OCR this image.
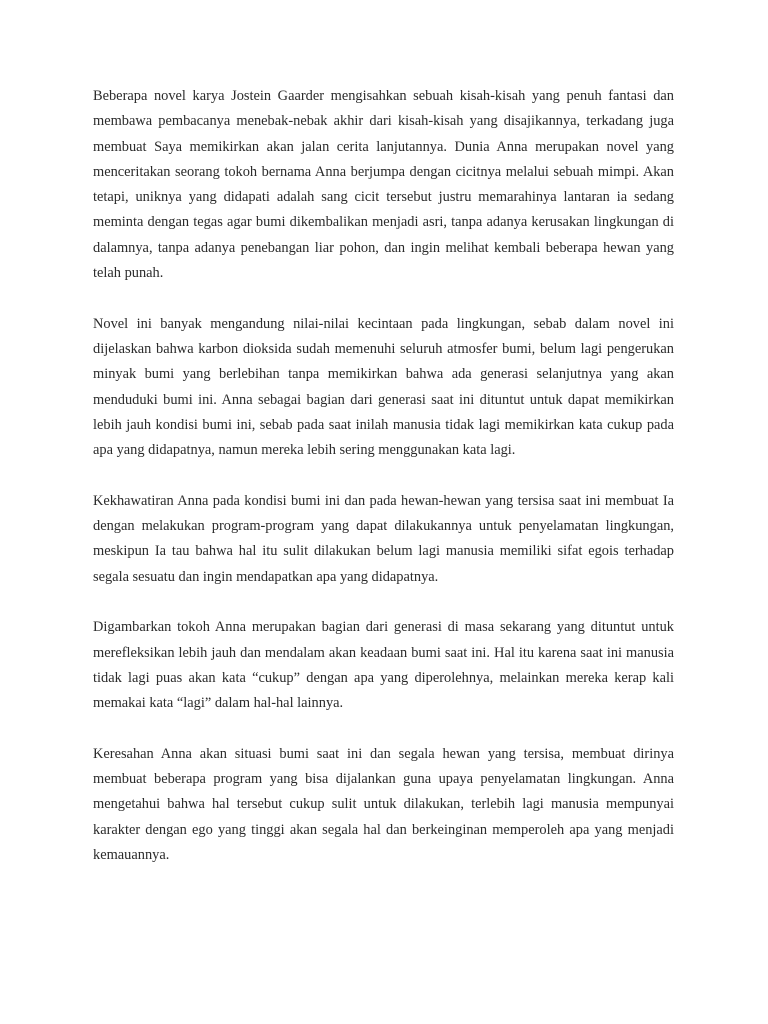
Beberapa novel karya Jostein Gaarder mengisahkan sebuah kisah-kisah yang penuh fantasi dan membawa pembacanya menebak-nebak akhir dari kisah-kisah yang disajikannya, terkadang juga membuat Saya memikirkan akan jalan cerita lanjutannya. Dunia Anna merupakan novel yang menceritakan seorang tokoh bernama Anna berjumpa dengan cicitnya melalui sebuah mimpi. Akan tetapi, uniknya yang didapati adalah sang cicit tersebut justru memarahinya lantaran ia sedang meminta dengan tegas agar bumi dikembalikan menjadi asri, tanpa adanya kerusakan lingkungan di dalamnya, tanpa adanya penebangan liar pohon, dan ingin melihat kembali beberapa hewan yang telah punah.

Novel ini banyak mengandung nilai-nilai kecintaan pada lingkungan, sebab dalam novel ini dijelaskan bahwa karbon dioksida sudah memenuhi seluruh atmosfer bumi, belum lagi pengerukan minyak bumi yang berlebihan tanpa memikirkan bahwa ada generasi selanjutnya yang akan menduduki bumi ini. Anna sebagai bagian dari generasi saat ini dituntut untuk dapat memikirkan lebih jauh kondisi bumi ini, sebab pada saat inilah manusia tidak lagi memikirkan kata cukup pada apa yang didapatnya, namun mereka lebih sering menggunakan kata lagi.

Kekhawatiran Anna pada kondisi bumi ini dan pada hewan-hewan yang tersisa saat ini membuat Ia dengan melakukan program-program yang dapat dilakukannya untuk penyelamatan lingkungan, meskipun Ia tau bahwa hal itu sulit dilakukan belum lagi manusia memiliki sifat egois terhadap segala sesuatu dan ingin mendapatkan apa yang didapatnya.

Digambarkan tokoh Anna merupakan bagian dari generasi di masa sekarang yang dituntut untuk merefleksikan lebih jauh dan mendalam akan keadaan bumi saat ini. Hal itu karena saat ini manusia tidak lagi puas akan kata “cukup” dengan apa yang diperolehnya, melainkan mereka kerap kali memakai kata “lagi” dalam hal-hal lainnya.

Keresahan Anna akan situasi bumi saat ini dan segala hewan yang tersisa, membuat dirinya membuat beberapa program yang bisa dijalankan guna upaya penyelamatan lingkungan. Anna mengetahui bahwa hal tersebut cukup sulit untuk dilakukan, terlebih lagi manusia mempunyai karakter dengan ego yang tinggi akan segala hal dan berkeinginan memperoleh apa yang menjadi kemauannya.
